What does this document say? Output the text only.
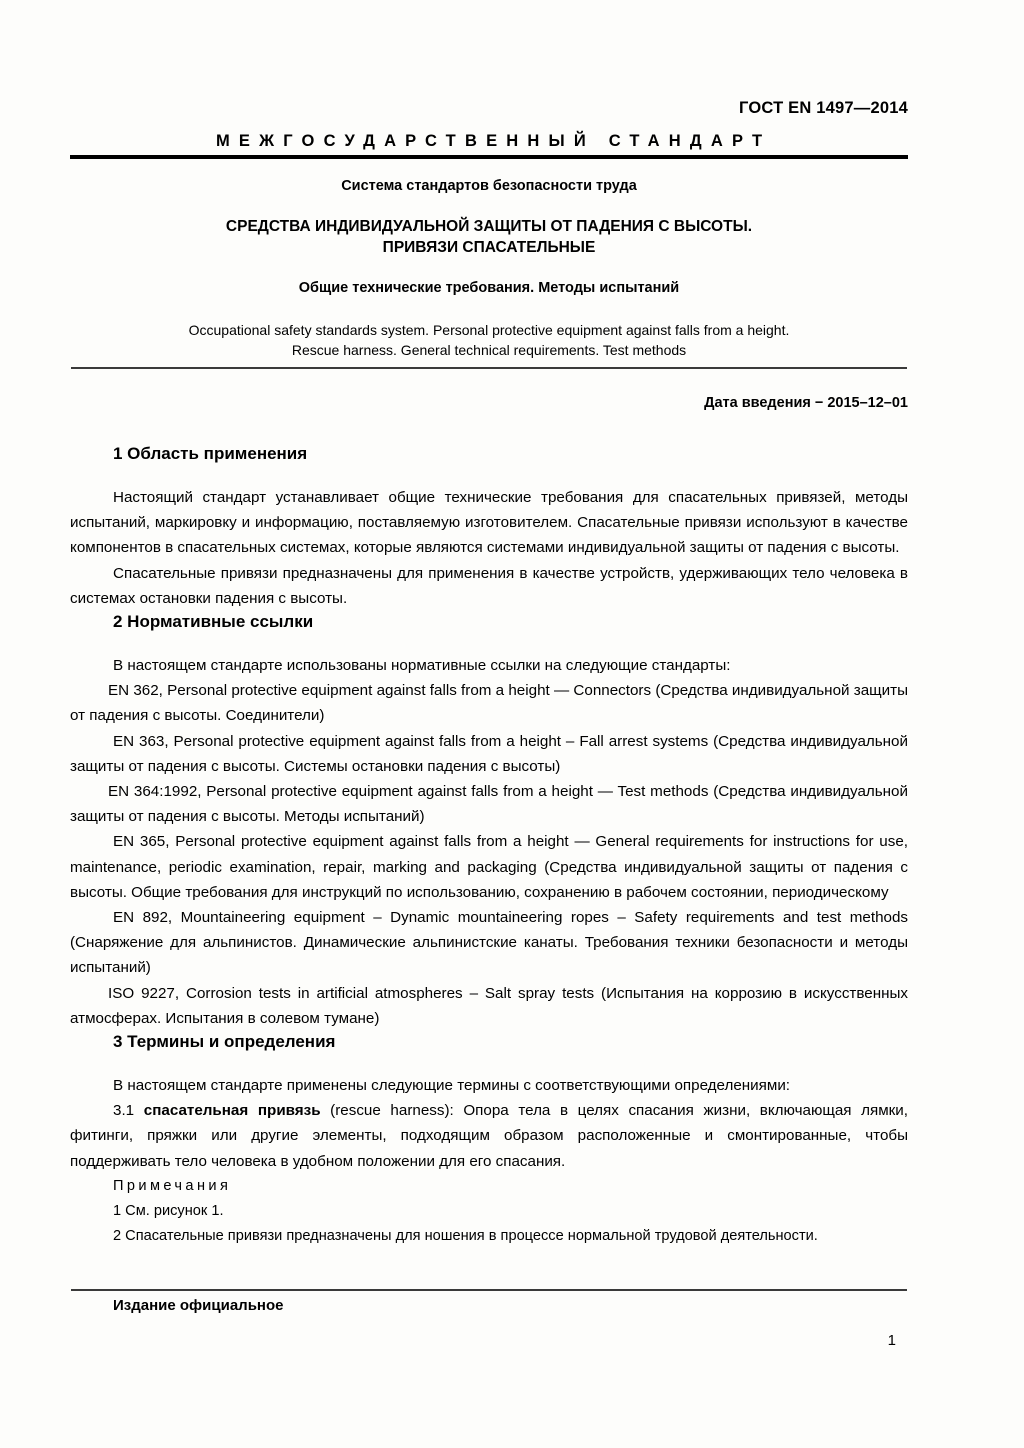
ГОСТ EN 1497—2014
МЕЖГОСУДАРСТВЕННЫЙ СТАНДАРТ
Система стандартов безопасности труда
СРЕДСТВА ИНДИВИДУАЛЬНОЙ ЗАЩИТЫ ОТ ПАДЕНИЯ С ВЫСОТЫ.
ПРИВЯЗИ СПАСАТЕЛЬНЫЕ
Общие технические требования. Методы испытаний
Occupational safety standards system. Personal protective equipment against falls from a height.
Rescue harness. General technical requirements. Test methods
Дата введения − 2015–12–01
1 Область применения

Настоящий стандарт устанавливает общие технические требования для спасательных привязей, методы испытаний, маркировку и информацию, поставляемую изготовителем. Спасательные привязи используют в качестве компонентов в спасательных системах, которые являются системами индивидуальной защиты от падения с высоты.

Спасательные привязи предназначены для применения в качестве устройств, удерживающих тело человека в системах остановки падения с высоты.

2 Нормативные ссылки

В настоящем стандарте использованы нормативные ссылки на следующие стандарты:

EN 362, Personal protective equipment against falls from a height — Connectors (Средства индивидуальной защиты от падения с высоты. Соединители)

EN 363, Personal protective equipment against falls from a height – Fall arrest systems (Средства индивидуальной защиты от падения с высоты. Системы остановки падения с высоты)

EN 364:1992, Personal protective equipment against falls from a height — Test methods (Средства индивидуальной защиты от падения с высоты. Методы испытаний)

EN 365, Personal protective equipment against falls from a height — General requirements for instructions for use, maintenance, periodic examination, repair, marking and packaging (Средства индивидуальной защиты от падения с высоты. Общие требования для инструкций по использованию, сохранению в рабочем состоянии, периодическому

EN 892, Mountaineering equipment – Dynamic mountaineering ropes – Safety requirements and test methods (Снаряжение для альпинистов. Динамические альпинистские канаты. Требования техники безопасности и методы испытаний)

ISO 9227, Corrosion tests in artificial atmospheres – Salt spray tests (Испытания на коррозию в искусственных атмосферах. Испытания в солевом тумане)

3 Термины и определения

В настоящем стандарте применены следующие термины с соответствующими определениями:

3.1 спасательная привязь (rescue harness): Опора тела в целях спасания жизни, включающая лямки, фитинги, пряжки или другие элементы, подходящим образом расположенные и смонтированные, чтобы поддерживать тело человека в удобном положении для его спасания.

Примечания

1 См. рисунок 1.

2 Спасательные привязи предназначены для ношения в процессе нормальной трудовой деятельности.

Издание официальное
1
